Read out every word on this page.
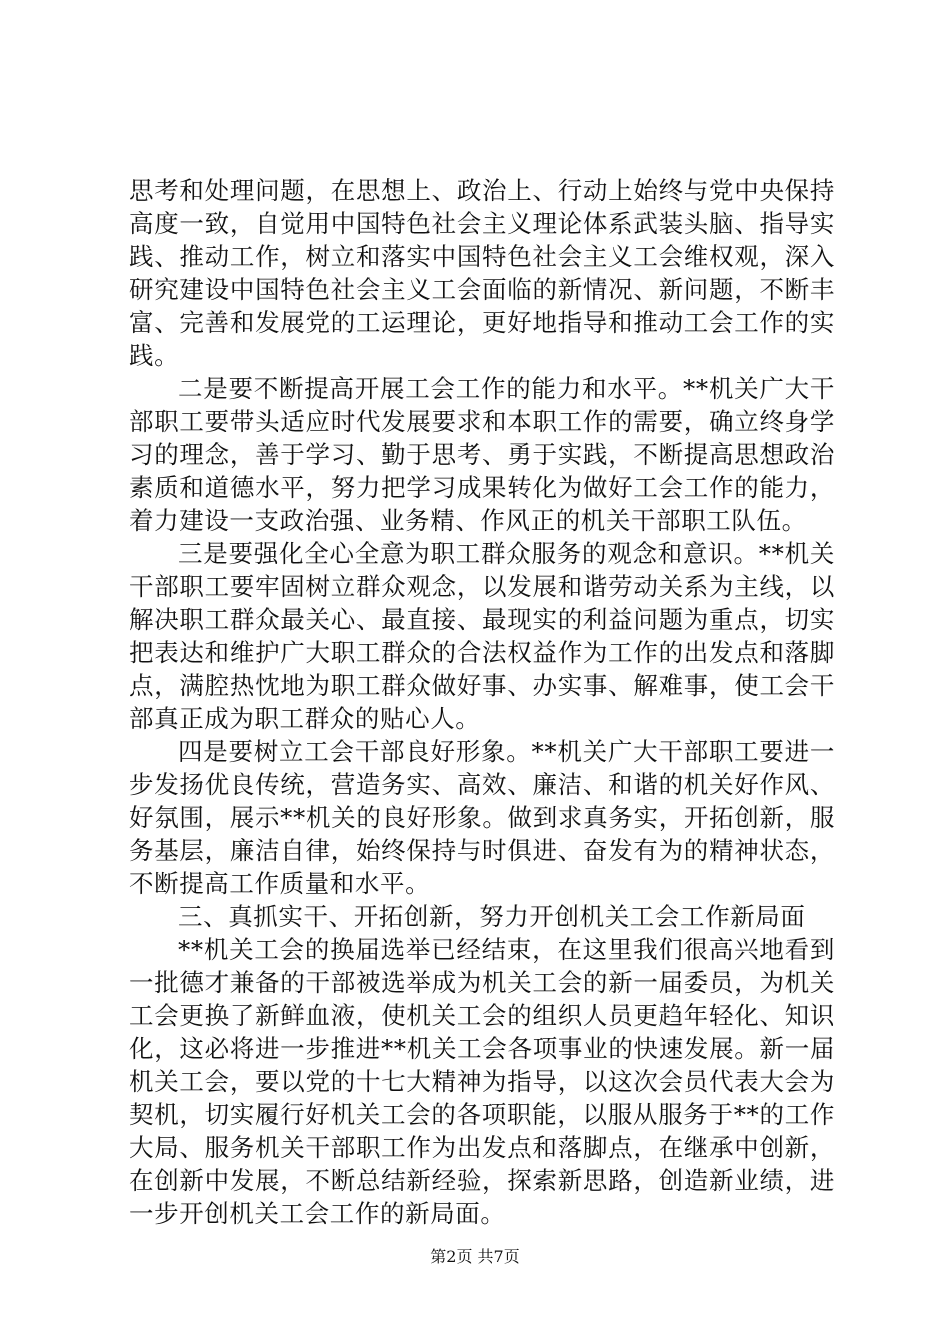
思考和处理问题，在思想上、政治上、行动上始终与党中央保持高度一致，自觉用中国特色社会主义理论体系武装头脑、指导实践、推动工作，树立和落实中国特色社会主义工会维权观，深入研究建设中国特色社会主义工会面临的新情况、新问题，不断丰富、完善和发展党的工运理论，更好地指导和推动工会工作的实践。

二是要不断提高开展工会工作的能力和水平。**机关广大干部职工要带头适应时代发展要求和本职工作的需要，确立终身学习的理念，善于学习、勤于思考、勇于实践，不断提高思想政治素质和道德水平，努力把学习成果转化为做好工会工作的能力，着力建设一支政治强、业务精、作风正的机关干部职工队伍。

三是要强化全心全意为职工群众服务的观念和意识。**机关干部职工要牢固树立群众观念，以发展和谐劳动关系为主线，以解决职工群众最关心、最直接、最现实的利益问题为重点，切实把表达和维护广大职工群众的合法权益作为工作的出发点和落脚点，满腔热忱地为职工群众做好事、办实事、解难事，使工会干部真正成为职工群众的贴心人。

四是要树立工会干部良好形象。**机关广大干部职工要进一步发扬优良传统，营造务实、高效、廉洁、和谐的机关好作风、好氛围，展示**机关的良好形象。做到求真务实，开拓创新，服务基层，廉洁自律，始终保持与时俱进、奋发有为的精神状态，不断提高工作质量和水平。

三、真抓实干、开拓创新，努力开创机关工会工作新局面

**机关工会的换届选举已经结束，在这里我们很高兴地看到一批德才兼备的干部被选举成为机关工会的新一届委员，为机关工会更换了新鲜血液，使机关工会的组织人员更趋年轻化、知识化，这必将进一步推进**机关工会各项事业的快速发展。新一届机关工会，要以党的十七大精神为指导，以这次会员代表大会为契机，切实履行好机关工会的各项职能，以服从服务于**的工作大局、服务机关干部职工作为出发点和落脚点，在继承中创新，在创新中发展，不断总结新经验，探索新思路，创造新业绩，进一步开创机关工会工作的新局面。

第2页 共7页
